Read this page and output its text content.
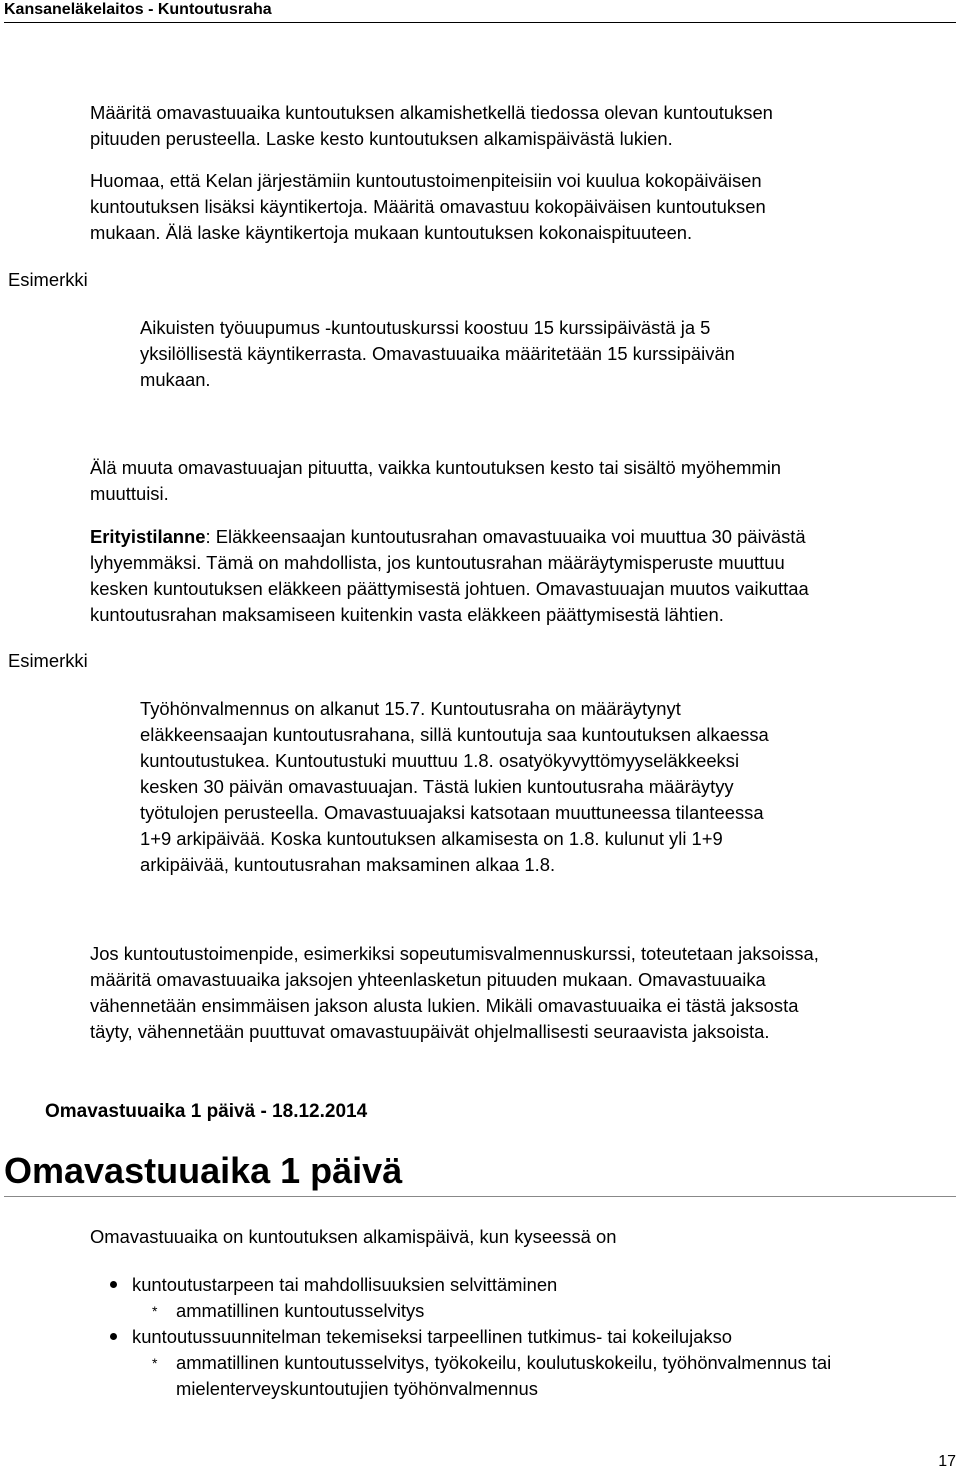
Kansaneläkelaitos - Kuntoutusraha
Määritä omavastuuaika kuntoutuksen alkamishetkellä tiedossa olevan kuntoutuksen
pituuden perusteella. Laske kesto kuntoutuksen alkamispäivästä lukien.
Huomaa, että Kelan järjestämiin kuntoutustoimenpiteisiin voi kuulua kokopäiväisen
kuntoutuksen lisäksi käyntikertoja. Määritä omavastuu kokopäiväisen kuntoutuksen
mukaan. Älä laske käyntikertoja mukaan kuntoutuksen kokonaispituuteen.
Esimerkki
Aikuisten työuupumus -kuntoutuskurssi koostuu 15 kurssipäivästä ja 5
yksilöllisestä käyntikerrasta. Omavastuuaika määritetään 15 kurssipäivän
mukaan.
Älä muuta omavastuuajan pituutta, vaikka kuntoutuksen kesto tai sisältö myöhemmin
muuttuisi.
Erityistilanne: Eläkkeensaajan kuntoutusrahan omavastuuaika voi muuttua 30 päivästä
lyhyemmäksi. Tämä on mahdollista, jos kuntoutusrahan määräytymisperuste muuttuu
kesken kuntoutuksen eläkkeen päättymisestä johtuen. Omavastuuajan muutos vaikuttaa
kuntoutusrahan maksamiseen kuitenkin vasta eläkkeen päättymisestä lähtien.
Esimerkki
Työhönvalmennus on alkanut 15.7. Kuntoutusraha on määräytynyt
eläkkeensaajan kuntoutusrahana, sillä kuntoutuja saa kuntoutuksen alkaessa
kuntoutustukea. Kuntoutustuki muuttuu 1.8. osatyökyvyttömyyseläkkeeksi
kesken 30 päivän omavastuuajan. Tästä lukien kuntoutusraha määräytyy
työtulojen perusteella. Omavastuuajaksi katsotaan muuttuneessa tilanteessa
1+9 arkipäivää. Koska kuntoutuksen alkamisesta on 1.8. kulunut yli 1+9
arkipäivää, kuntoutusrahan maksaminen alkaa 1.8.
Jos kuntoutustoimenpide, esimerkiksi sopeutumisvalmennuskurssi, toteutetaan jaksoissa,
määritä omavastuuaika jaksojen yhteenlasketun pituuden mukaan. Omavastuuaika
vähennetään ensimmäisen jakson alusta lukien. Mikäli omavastuuaika ei tästä jaksosta
täyty, vähennetään puuttuvat omavastuupäivät ohjelmallisesti seuraavista jaksoista.
Omavastuuaika 1 päivä - 18.12.2014
Omavastuuaika 1 päivä
Omavastuuaika on kuntoutuksen alkamispäivä, kun kyseessä on
kuntoutustarpeen tai mahdollisuuksien selvittäminen
* ammatillinen kuntoutusselvitys
kuntoutussuunnitelman tekemiseksi tarpeellinen tutkimus- tai kokeilujakso
* ammatillinen kuntoutusselvitys, työkokeilu, koulutuskokeilu, työhönvalmennus tai
mielenterveyskuntoutujien työhönvalmennus
17
